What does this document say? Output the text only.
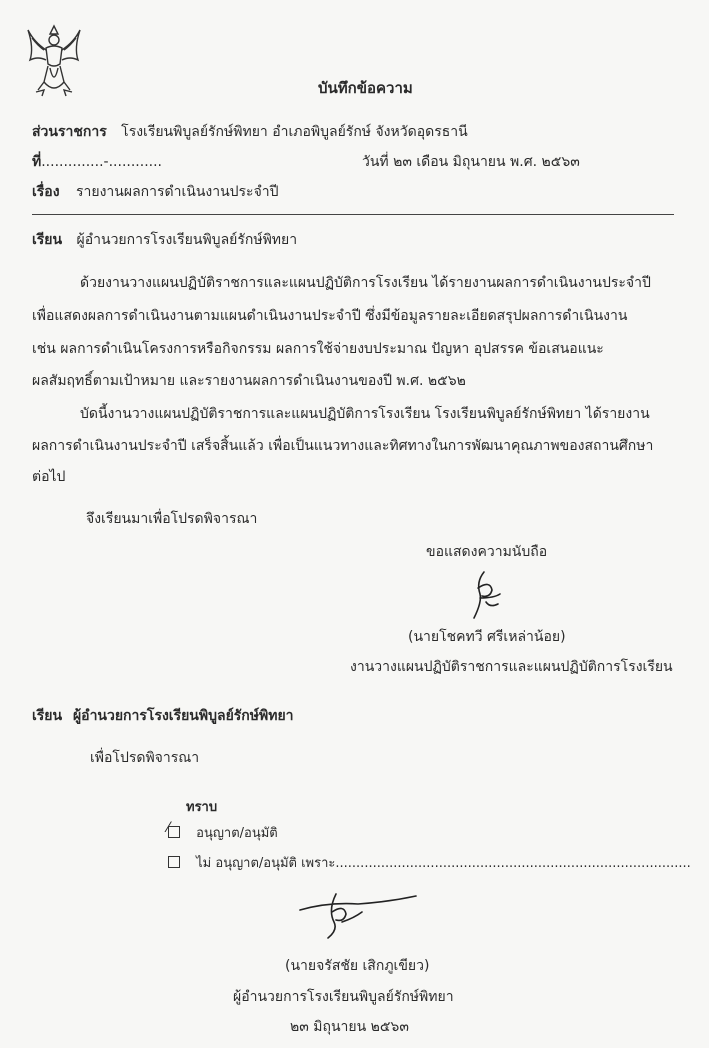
บันทึกข้อความ
ส่วนราชการ โรงเรียนพิบูลย์รักษ์พิทยา อำเภอพิบูลย์รักษ์ จังหวัดอุดรธานี
ที่..............-............	วันที่ ๒๓ เดือน มิถุนายน พ.ศ. ๒๕๖๓
เรื่อง รายงานผลการดำเนินงานประจำปี
เรียน ผู้อำนวยการโรงเรียนพิบูลย์รักษ์พิทยา
ด้วยงานวางแผนปฏิบัติราชการและแผนปฏิบัติการโรงเรียน ได้รายงานผลการดำเนินงานประจำปี
เพื่อแสดงผลการดำเนินงานตามแผนดำเนินงานประจำปี ซึ่งมีข้อมูลรายละเอียดสรุปผลการดำเนินงาน
เช่น ผลการดำเนินโครงการหรือกิจกรรม ผลการใช้จ่ายงบประมาณ ปัญหา อุปสรรค ข้อเสนอแนะ
ผลสัมฤทธิ์ตามเป้าหมาย และรายงานผลการดำเนินงานของปี พ.ศ. ๒๕๖๒
บัดนี้งานวางแผนปฏิบัติราชการและแผนปฏิบัติการโรงเรียน โรงเรียนพิบูลย์รักษ์พิทยา ได้รายงาน
ผลการดำเนินงานประจำปี เสร็จสิ้นแล้ว เพื่อเป็นแนวทางและทิศทางในการพัฒนาคุณภาพของสถานศึกษา
ต่อไป
จึงเรียนมาเพื่อโปรดพิจารณา
ขอแสดงความนับถือ
(นายโชคทวี ศรีเหล่าน้อย)
งานวางแผนปฏิบัติราชการและแผนปฏิบัติการโรงเรียน
เรียน ผู้อำนวยการโรงเรียนพิบูลย์รักษ์พิทยา
เพื่อโปรดพิจารณา
ทราบ
⁄ อนุญาต/อนุมัติ
ไม่ อนุญาต/อนุมัติ เพราะ......................................................................................
(นายจรัสชัย เสิกภูเขียว)
ผู้อำนวยการโรงเรียนพิบูลย์รักษ์พิทยา
๒๓ มิถุนายน ๒๕๖๓
